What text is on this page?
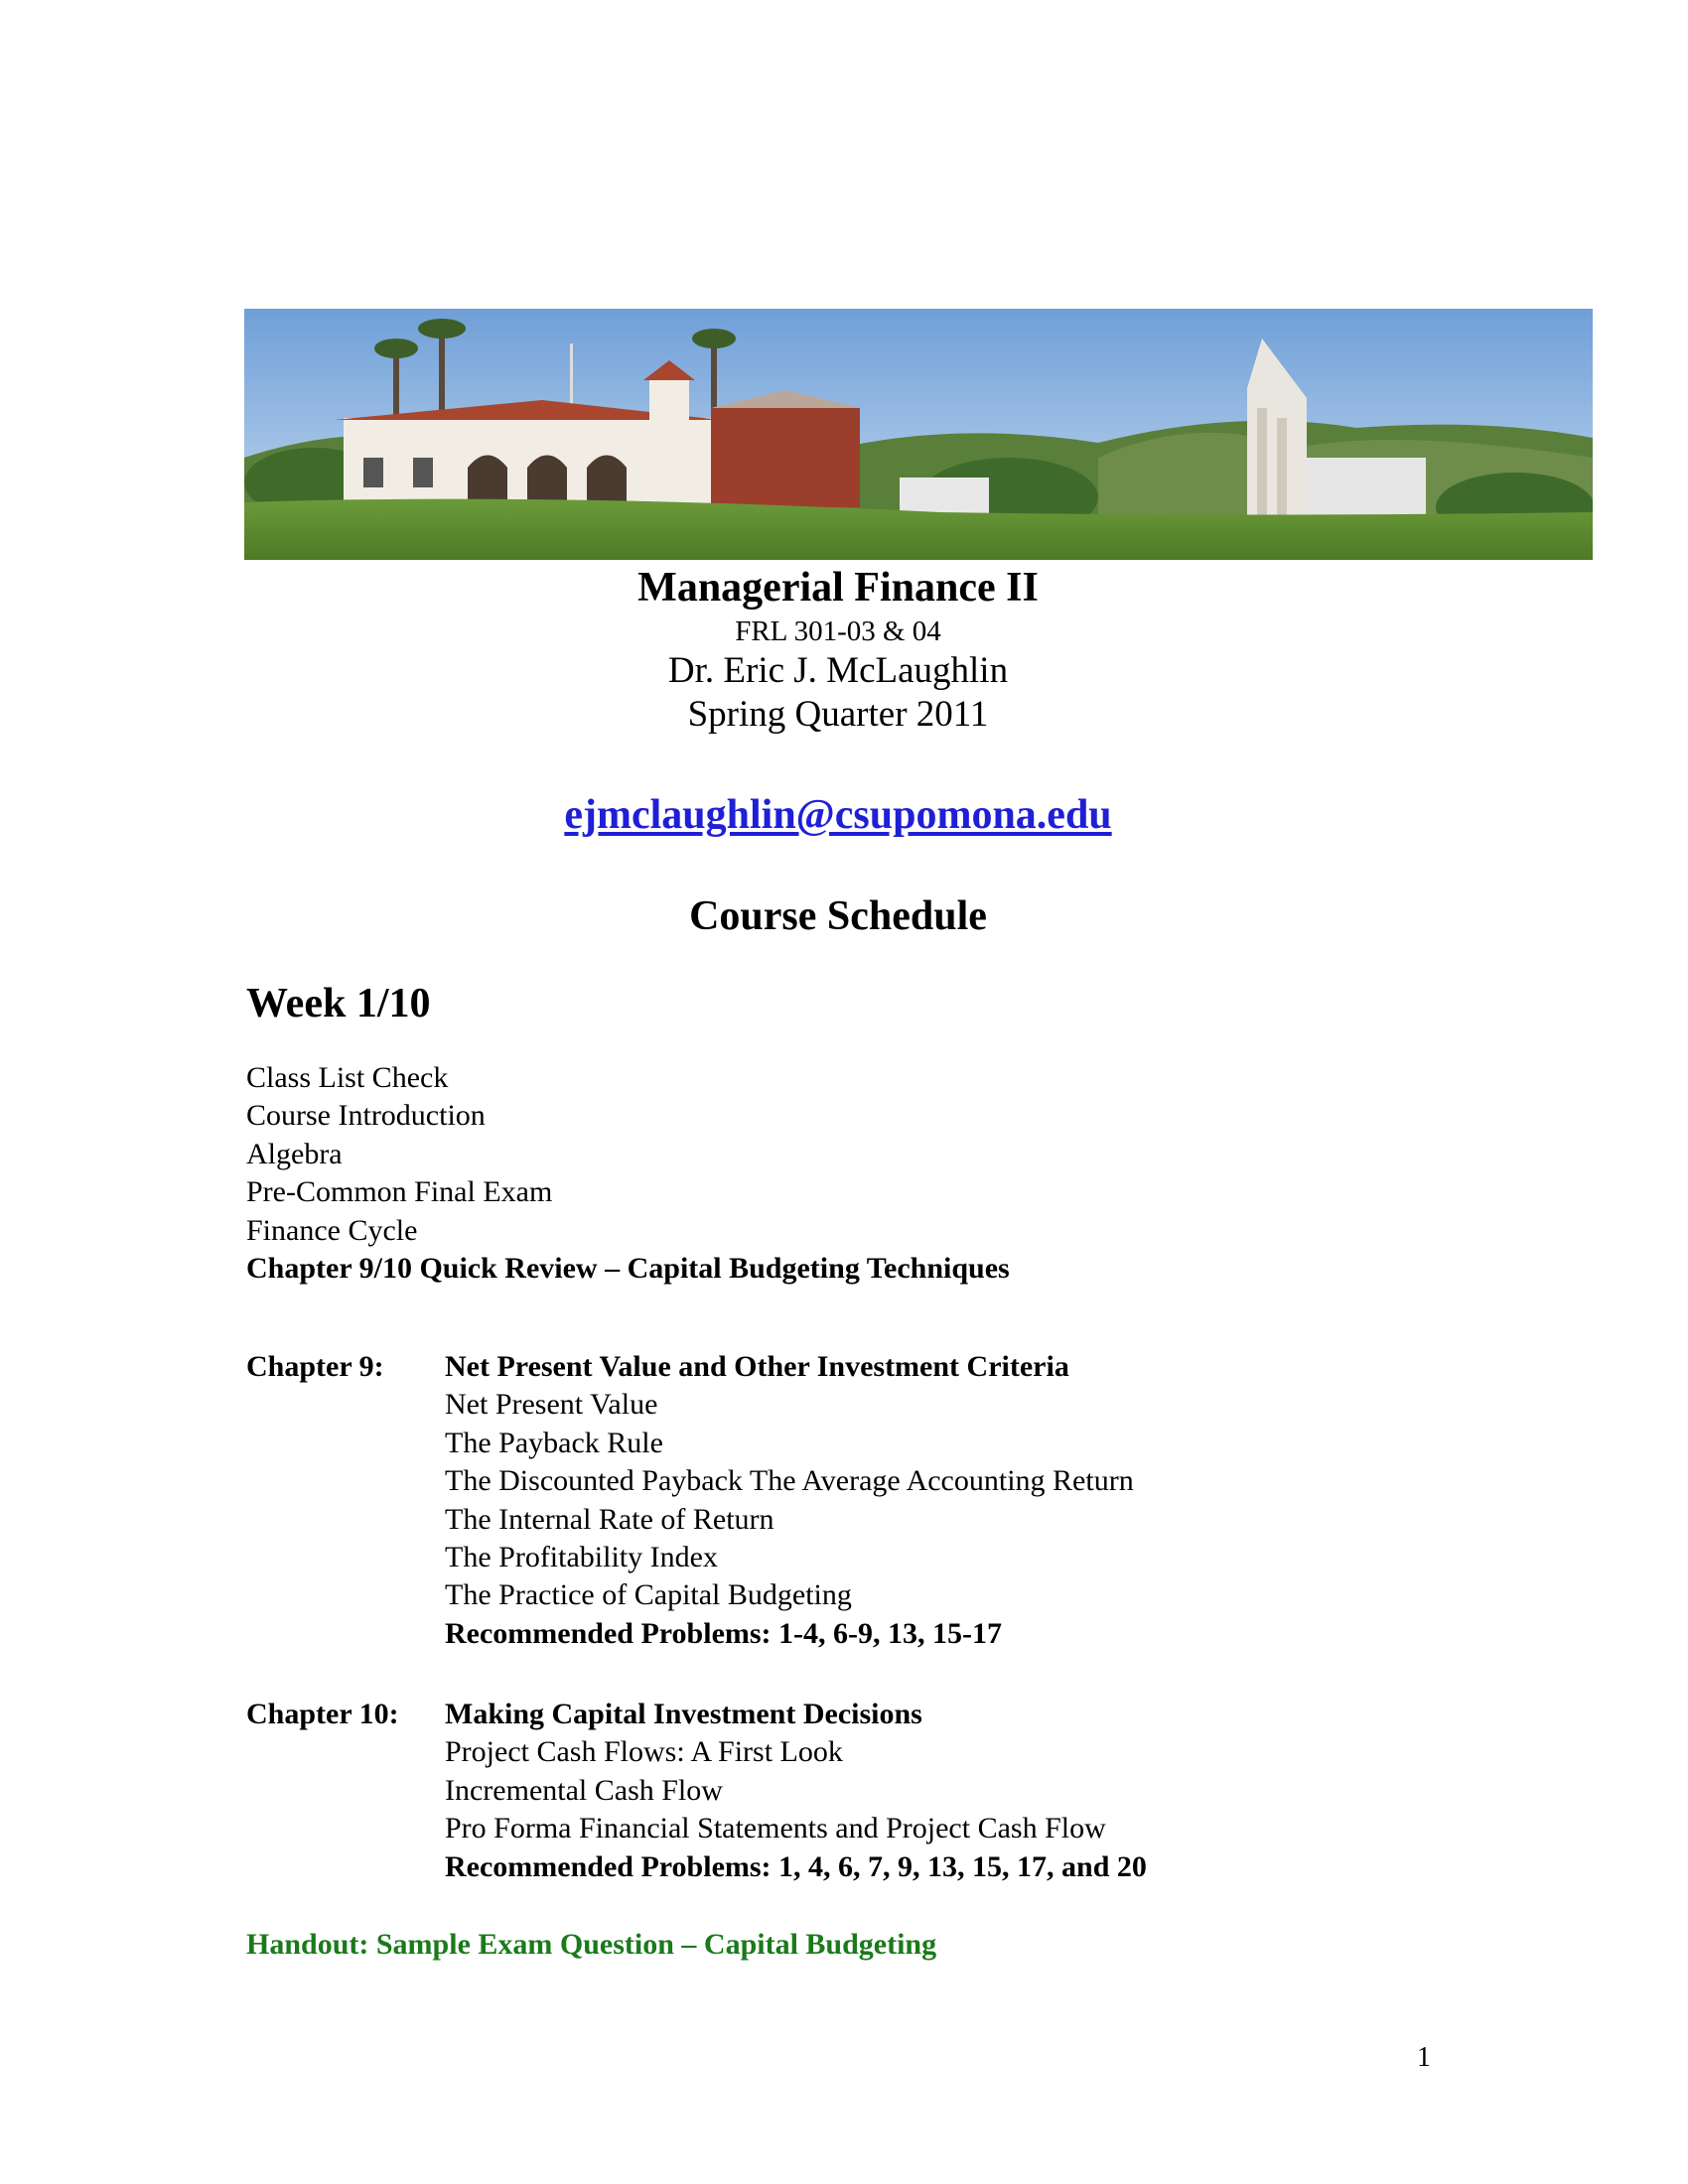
Managerial Finance II
FRL 301-03 & 04
Dr. Eric J. McLaughlin
Spring Quarter 2011
ejmclaughlin@csupomona.edu
Course Schedule
Week 1/10
Class List Check
Course Introduction
Algebra
Pre-Common Final Exam
Finance Cycle
Chapter 9/10 Quick Review – Capital Budgeting Techniques
Chapter 9: Net Present Value and Other Investment Criteria
Net Present Value
The Payback Rule
The Discounted Payback The Average Accounting Return
The Internal Rate of Return
The Profitability Index
The Practice of Capital Budgeting
Recommended Problems: 1-4, 6-9, 13, 15-17
Chapter 10: Making Capital Investment Decisions
Project Cash Flows: A First Look
Incremental Cash Flow
Pro Forma Financial Statements and Project Cash Flow
Recommended Problems: 1, 4, 6, 7, 9, 13, 15, 17, and 20
Handout: Sample Exam Question – Capital Budgeting
1
